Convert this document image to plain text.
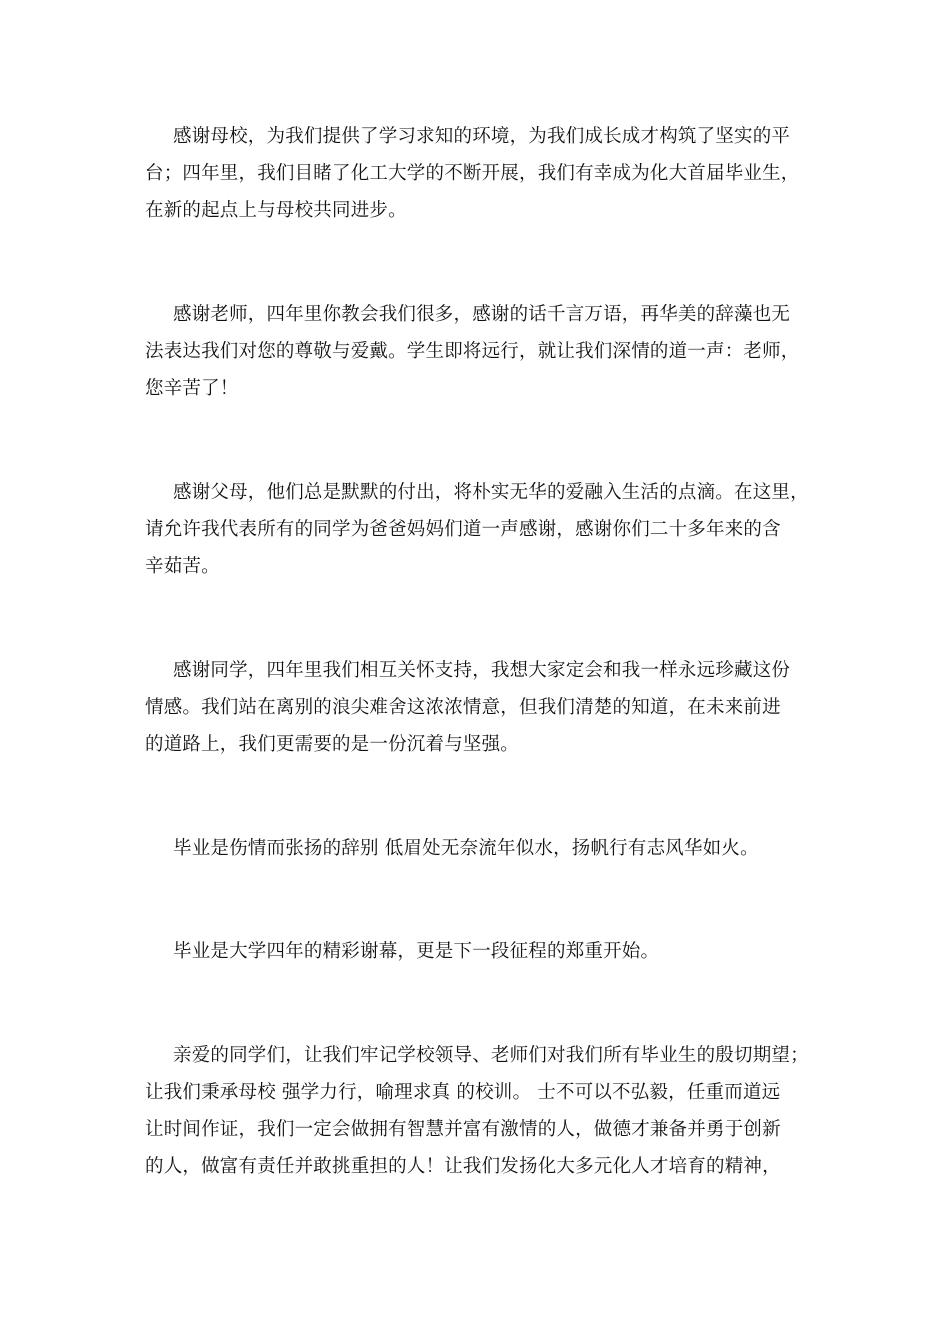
感谢母校，为我们提供了学习求知的环境，为我们成长成才构筑了坚实的平
台；四年里，我们目睹了化工大学的不断开展，我们有幸成为化大首届毕业生，
在新的起点上与母校共同进步。
感谢老师，四年里你教会我们很多，感谢的话千言万语，再华美的辞藻也无
法表达我们对您的尊敬与爱戴。学生即将远行，就让我们深情的道一声：老师，
您辛苦了！
感谢父母，他们总是默默的付出，将朴实无华的爱融入生活的点滴。在这里，
请允许我代表所有的同学为爸爸妈妈们道一声感谢，感谢你们二十多年来的含
辛茹苦。
感谢同学，四年里我们相互关怀支持，我想大家定会和我一样永远珍藏这份
情感。我们站在离别的浪尖难舍这浓浓情意，但我们清楚的知道，在未来前进
的道路上，我们更需要的是一份沉着与坚强。
毕业是伤情而张扬的辞别 低眉处无奈流年似水，扬帆行有志风华如火。
毕业是大学四年的精彩谢幕，更是下一段征程的郑重开始。
亲爱的同学们，让我们牢记学校领导、老师们对我们所有毕业生的殷切期望；
让我们秉承母校 强学力行，喻理求真 的校训。 士不可以不弘毅，任重而道远
让时间作证，我们一定会做拥有智慧并富有激情的人，做德才兼备并勇于创新
的人，做富有责任并敢挑重担的人！让我们发扬化大多元化人才培育的精神，
